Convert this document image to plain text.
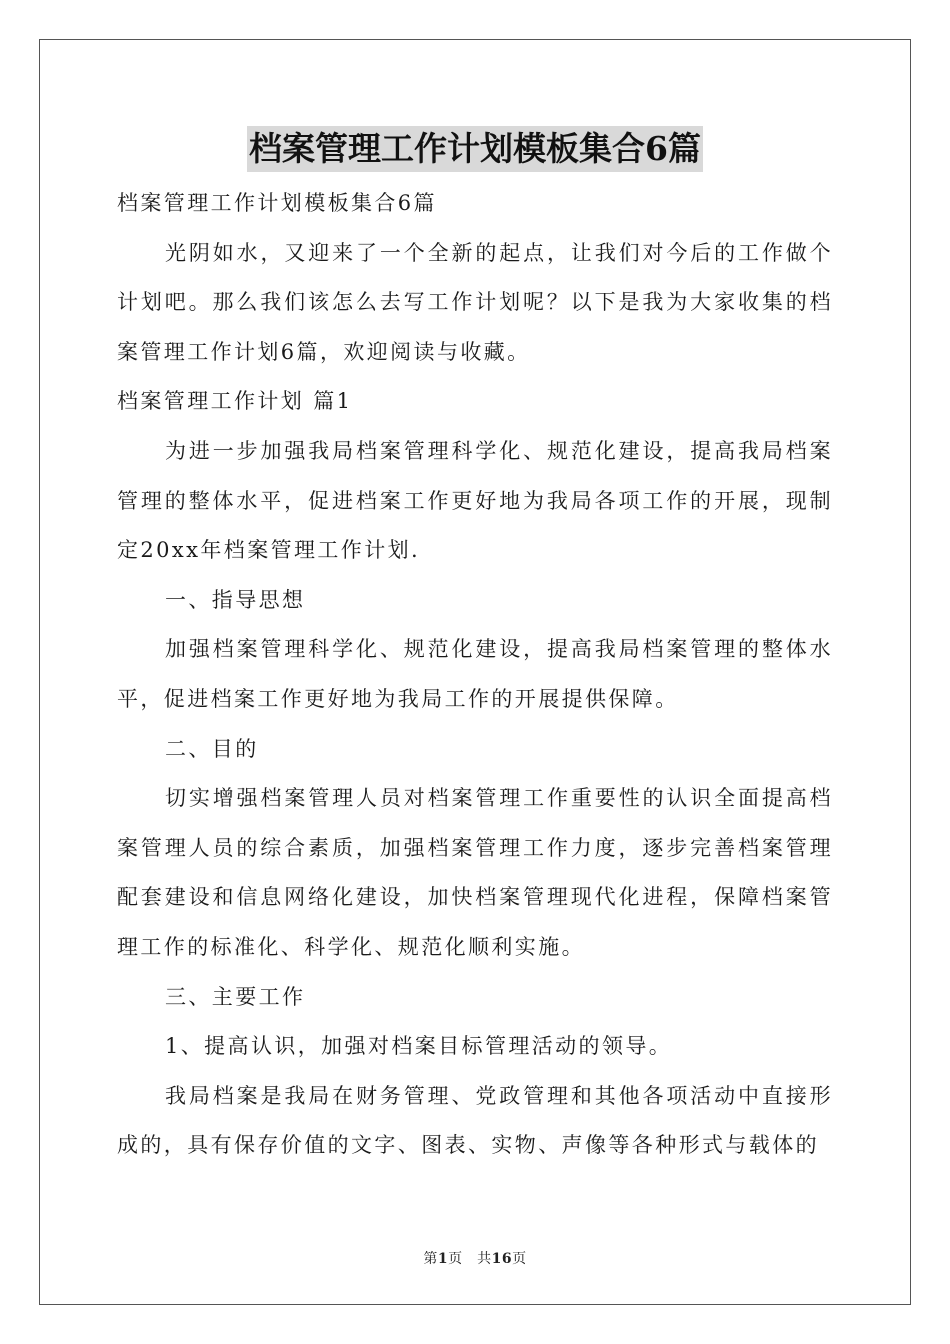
档案管理工作计划模板集合6篇

档案管理工作计划模板集合6篇

光阴如水，又迎来了一个全新的起点，让我们对今后的工作做个计划吧。那么我们该怎么去写工作计划呢？以下是我为大家收集的档案管理工作计划6篇，欢迎阅读与收藏。

档案管理工作计划 篇1

为进一步加强我局档案管理科学化、规范化建设，提高我局档案管理的整体水平，促进档案工作更好地为我局各项工作的开展，现制定20xx年档案管理工作计划.

一、指导思想

加强档案管理科学化、规范化建设，提高我局档案管理的整体水平，促进档案工作更好地为我局工作的开展提供保障。

二、目的

切实增强档案管理人员对档案管理工作重要性的认识全面提高档案管理人员的综合素质，加强档案管理工作力度，逐步完善档案管理配套建设和信息网络化建设，加快档案管理现代化进程，保障档案管理工作的标准化、科学化、规范化顺利实施。

三、主要工作

1、提高认识，加强对档案目标管理活动的领导。

我局档案是我局在财务管理、党政管理和其他各项活动中直接形成的，具有保存价值的文字、图表、实物、声像等各种形式与载体的

第1页　共16页
